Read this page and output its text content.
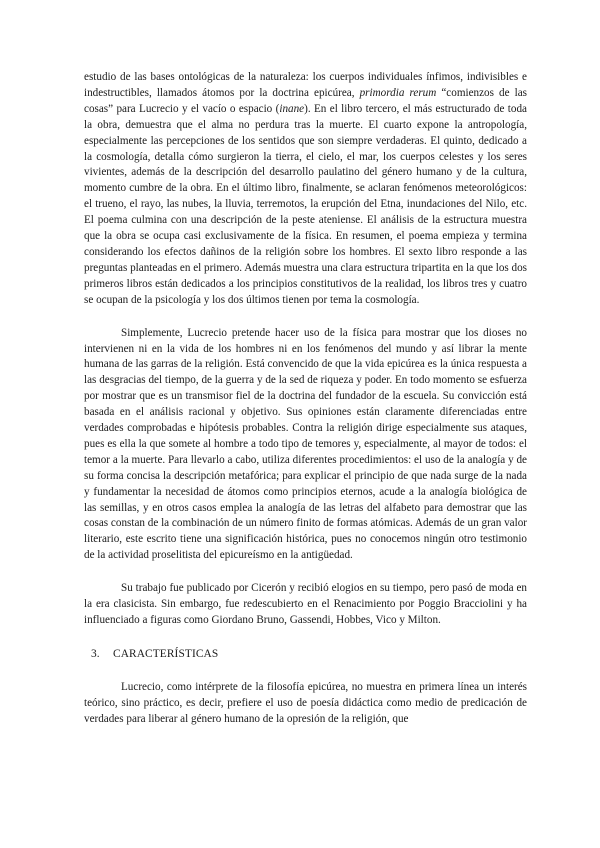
estudio de las bases ontológicas de la naturaleza: los cuerpos individuales ínfimos, indivisibles e indestructibles, llamados átomos por la doctrina epicúrea, primordia rerum “comienzos de las cosas” para Lucrecio y el vacío o espacio (inane). En el libro tercero, el más estructurado de toda la obra, demuestra que el alma no perdura tras la muerte. El cuarto expone la antropología, especialmente las percepciones de los sentidos que son siempre verdaderas. El quinto, dedicado a la cosmología, detalla cómo surgieron la tierra, el cielo, el mar, los cuerpos celestes y los seres vivientes, además de la descripción del desarrollo paulatino del género humano y de la cultura, momento cumbre de la obra. En el último libro, finalmente, se aclaran fenómenos meteorológicos: el trueno, el rayo, las nubes, la lluvia, terremotos, la erupción del Etna, inundaciones del Nilo, etc. El poema culmina con una descripción de la peste ateniense. El análisis de la estructura muestra que la obra se ocupa casi exclusivamente de la física. En resumen, el poema empieza y termina considerando los efectos dañinos de la religión sobre los hombres. El sexto libro responde a las preguntas planteadas en el primero. Además muestra una clara estructura tripartita en la que los dos primeros libros están dedicados a los principios constitutivos de la realidad, los libros tres y cuatro se ocupan de la psicología y los dos últimos tienen por tema la cosmología.

Simplemente, Lucrecio pretende hacer uso de la física para mostrar que los dioses no intervienen ni en la vida de los hombres ni en los fenómenos del mundo y así librar la mente humana de las garras de la religión. Está convencido de que la vida epicúrea es la única respuesta a las desgracias del tiempo, de la guerra y de la sed de riqueza y poder. En todo momento se esfuerza por mostrar que es un transmisor fiel de la doctrina del fundador de la escuela. Su convicción está basada en el análisis racional y objetivo. Sus opiniones están claramente diferenciadas entre verdades comprobadas e hipótesis probables. Contra la religión dirige especialmente sus ataques, pues es ella la que somete al hombre a todo tipo de temores y, especialmente, al mayor de todos: el temor a la muerte. Para llevarlo a cabo, utiliza diferentes procedimientos: el uso de la analogía y de su forma concisa la descripción metafórica; para explicar el principio de que nada surge de la nada y fundamentar la necesidad de átomos como principios eternos, acude a la analogía biológica de las semillas, y en otros casos emplea la analogía de las letras del alfabeto para demostrar que las cosas constan de la combinación de un número finito de formas atómicas. Además de un gran valor literario, este escrito tiene una significación histórica, pues no conocemos ningún otro testimonio de la actividad proselitista del epicureísmo en la antigüedad.

Su trabajo fue publicado por Cicerón y recibió elogios en su tiempo, pero pasó de moda en la era clasicista. Sin embargo, fue redescubierto en el Renacimiento por Poggio Bracciolini y ha influenciado a figuras como Giordano Bruno, Gassendi, Hobbes, Vico y Milton.

3. CARACTERÍSTICAS

Lucrecio, como intérprete de la filosofía epicúrea, no muestra en primera línea un interés teórico, sino práctico, es decir, prefiere el uso de poesía didáctica como medio de predicación de verdades para liberar al género humano de la opresión de la religión, que
